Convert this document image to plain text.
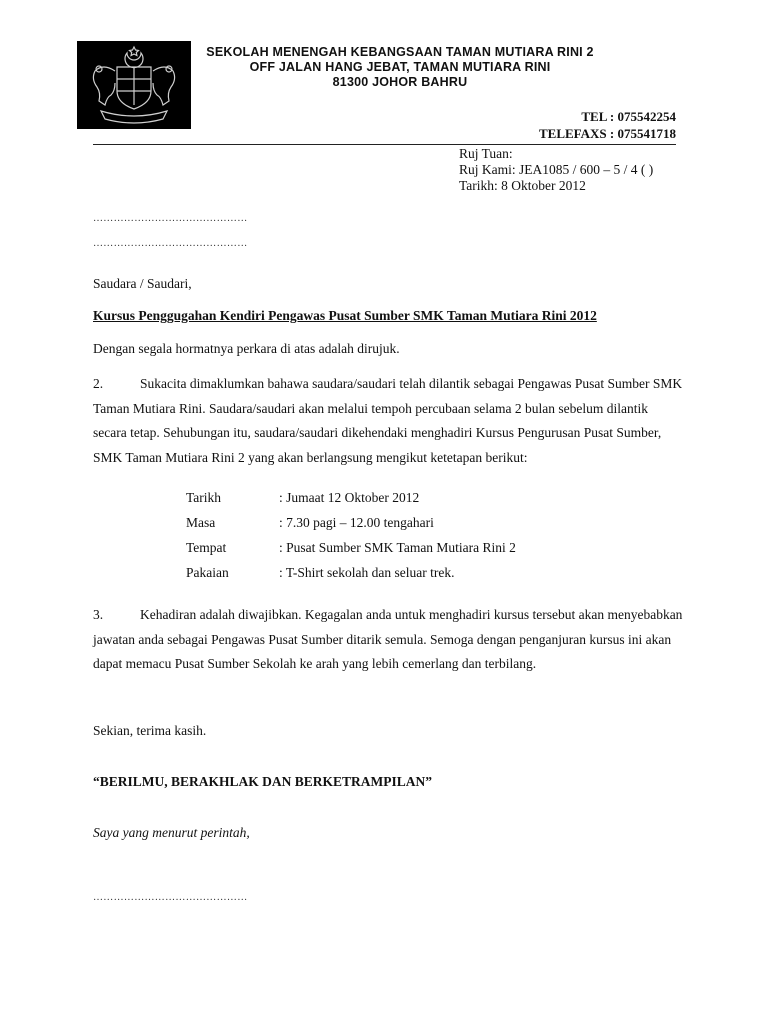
SEKOLAH MENENGAH KEBANGSAAN TAMAN MUTIARA RINI 2
OFF JALAN HANG JEBAT, TAMAN MUTIARA RINI
81300 JOHOR BAHRU
TEL : 075542254
TELEFAXS : 075541718
Ruj Tuan:
Ruj Kami: JEA1085 / 600 – 5 / 4 ( )
Tarikh: 8 Oktober 2012
………………………………………
………………………………………
Saudara / Saudari,
Kursus Penggugahan Kendiri Pengawas Pusat Sumber SMK Taman Mutiara Rini 2012
Dengan segala hormatnya perkara di atas adalah dirujuk.
2.	Sukacita dimaklumkan bahawa saudara/saudari telah dilantik sebagai Pengawas Pusat Sumber SMK Taman Mutiara Rini. Saudara/saudari akan melalui tempoh percubaan selama 2 bulan sebelum dilantik secara tetap. Sehubungan itu, saudara/saudari dikehendaki menghadiri Kursus Pengurusan Pusat Sumber, SMK Taman Mutiara Rini 2 yang akan berlangsung mengikut ketetapan berikut:
Tarikh	: Jumaat 12 Oktober 2012
Masa	: 7.30 pagi – 12.00 tengahari
Tempat	: Pusat Sumber SMK Taman Mutiara Rini 2
Pakaian	: T-Shirt sekolah dan seluar trek.
3.	Kehadiran adalah diwajibkan. Kegagalan anda untuk menghadiri kursus tersebut akan menyebabkan jawatan anda sebagai Pengawas Pusat Sumber ditarik semula. Semoga dengan penganjuran kursus ini akan dapat memacu Pusat Sumber Sekolah ke arah yang lebih cemerlang dan terbilang.
Sekian, terima kasih.
“BERILMU, BERAKHLAK DAN BERKETRAMPILAN”
Saya yang menurut perintah,
………………………………………
